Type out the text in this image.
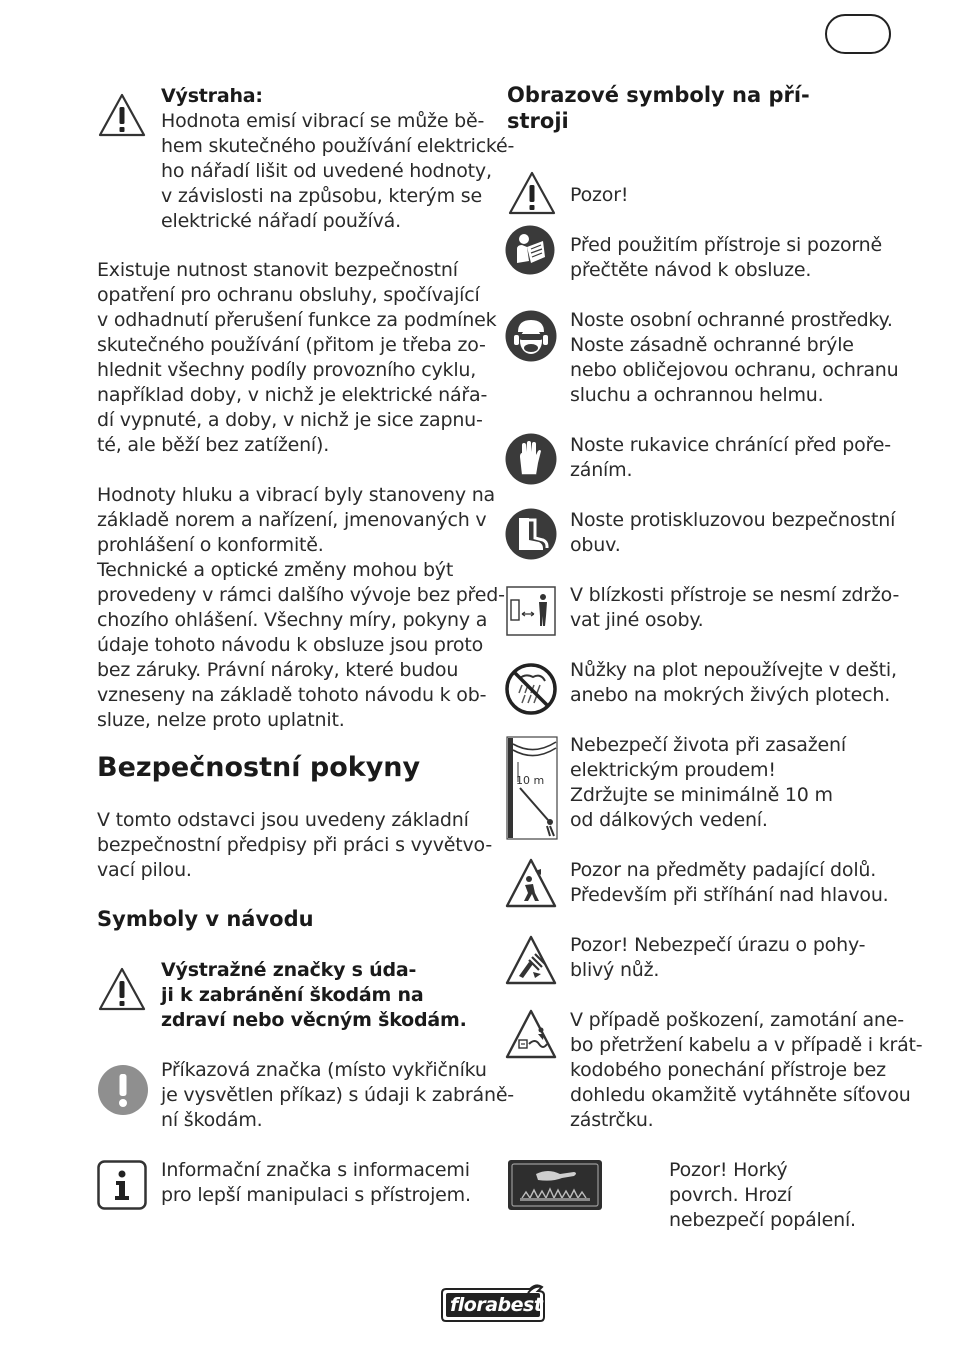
Výstraha:
Hodnota emisí vibrací se může bě-
hem skutečného používání elektrické-
ho nářadí lišit od uvedené hodnoty,
v závislosti na způsobu, kterým se
elektrické nářadí používá.
Existuje nutnost stanovit bezpečnostní
opatření pro ochranu obsluhy, spočívající
v odhadnutí přerušení funkce za podmínek
skutečného používání (přitom je třeba zo-
hlednit všechny podíly provozního cyklu,
například doby, v nichž je elektrické nářa-
dí vypnuté, a doby, v nichž je sice zapnu-
té, ale běží bez zatížení).
Hodnoty hluku a vibrací byly stanoveny na
základě norem a nařízení, jmenovaných v
prohlášení o konformitě.
Technické a optické změny mohou být
provedeny v rámci dalšího vývoje bez před-
chozího ohlášení. Všechny míry, pokyny a
údaje tohoto návodu k obsluze jsou proto
bez záruky. Právní nároky, které budou
vzneseny na základě tohoto návodu k ob-
sluze, nelze proto uplatnit.
Bezpečnostní pokyny
V tomto odstavci jsou uvedeny základní
bezpečnostní předpisy při práci s vyvětvo-
vací pilou.
Symboly v návodu
Výstražné značky s úda-
ji k zabránění škodám na
zdraví nebo věcným škodám.
Příkazová značka (místo vykřičníku
je vysvětlen příkaz) s údaji k zabráně-
ní škodám.
Informační značka s informacemi
pro lepší manipulaci s přístrojem.
Obrazové symboly na pří-
stroji
Pozor!
Před použitím přístroje si pozorně
přečtěte návod k obsluze.
Noste osobní ochranné prostředky.
Noste zásadně ochranné brýle
nebo obličejovou ochranu, ochranu
sluchu a ochrannou helmu.
Noste rukavice chránící před poře-
záním.
Noste protiskluzovou bezpečnostní
obuv.
V blízkosti přístroje se nesmí zdržo-
vat jiné osoby.
Nůžky na plot nepoužívejte v dešti,
anebo na mokrých živých plotech.
10 m
Nebezpečí života při zasažení
elektrickým proudem!
Zdržujte se minimálně 10 m
od dálkových vedení.
Pozor na předměty padající dolů.
Především při stříhání nad hlavou.
Pozor! Nebezpečí úrazu o pohy-
blivý nůž.
V případě poškození, zamotání ane-
bo přetržení kabelu a v případě i krát-
kodobého ponechání přístroje bez
dohledu okamžitě vytáhněte síťovou
zástrčku.
Pozor! Horký
povrch. Hrozí
nebezpečí popálení.
florabest
